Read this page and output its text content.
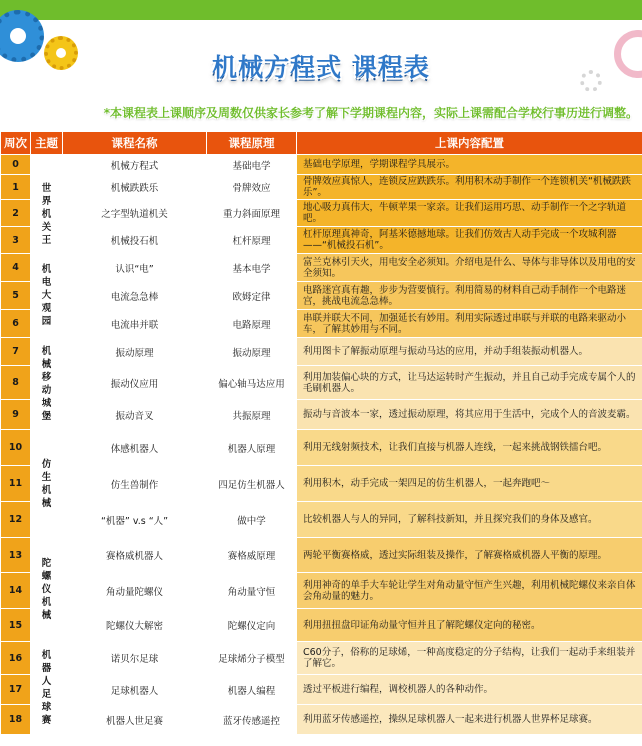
机械方程式 课程表
*本课程表上课顺序及周数仅供家长参考了解下学期课程内容，实际上课需配合学校行事历进行调整。
周次	主题	课程名称	课程原理	上课内容配置
0		机械方程式	基础电学	基础电学原理，学期课程学具展示。
1	世界机关王	机械跌跌乐	骨牌效应	骨牌效应真惊人，连锁反应跌跌乐。利用积木动手制作一个连锁机关“机械跌跌乐”。
2		之字型轨道机关	重力斜面原理	地心吸力真伟大，牛顿苹果一家亲。让我们运用巧思、动手制作一个之字轨道吧。
3		机械投石机	杠杆原理	杠杆原理真神奇，阿基米德撼地球。让我们仿效古人动手完成一个攻城利器——“机械投石机”。
4	机电大观园	认识“电”	基本电学	富兰克林引天火，用电安全必须知。介绍电是什么、导体与非导体以及用电的安全须知。
5		电流急急棒	欧姆定律	电路迷宫真有趣，步步为营要慎行。利用简易的材料自己动手制作一个电路迷宫，挑战电流急急棒。
6		电流串并联	电路原理	串联并联大不同，加强延长有妙用。利用实际透过串联与并联的电路来驱动小车，了解其妙用与不同。
7	机械移动城堡	振动原理	振动原理	利用图卡了解振动原理与振动马达的应用，并动手组装振动机器人。
8		振动仪应用	偏心轴马达应用	利用加装偏心块的方式，让马达运转时产生振动，并且自己动手完成专属个人的毛刷机器人。
9		振动音叉	共振原理	振动与音波本一家，透过振动原理，将其应用于生活中，完成个人的音波麦霸。
10	仿生机械	体感机器人	机器人原理	利用无线射频技术，让我们直接与机器人连线，一起来挑战钢铁擂台吧。
11		仿生兽制作	四足仿生机器人	利用积木，动手完成一架四足的仿生机器人，一起奔跑吧～
12		“机器” v.s “人”	做中学	比较机器人与人的异同，了解科技新知，并且探究我们的身体及感官。
13	陀螺仪机械	赛格威机器人	赛格威原理	两轮平衡赛格威，透过实际组装及操作，了解赛格威机器人平衡的原理。
14		角动量陀螺仪	角动量守恒	利用神奇的单手大车轮让学生对角动量守恒产生兴趣，利用机械陀螺仪来亲自体会角动量的魅力。
15		陀螺仪大解密	陀螺仪定向	利用扭扭盘印证角动量守恒并且了解陀螺仪定向的秘密。
16	机器人足球赛	诺贝尔足球	足球烯分子模型	C60分子，俗称的足球烯，一种高度稳定的分子结构，让我们一起动手来组装并了解它。
17		足球机器人	机器人编程	透过平板进行编程，调校机器人的各种动作。
18		机器人世足赛	蓝牙传感遥控	利用蓝牙传感遥控，操纵足球机器人一起来进行机器人世界杯足球赛。
